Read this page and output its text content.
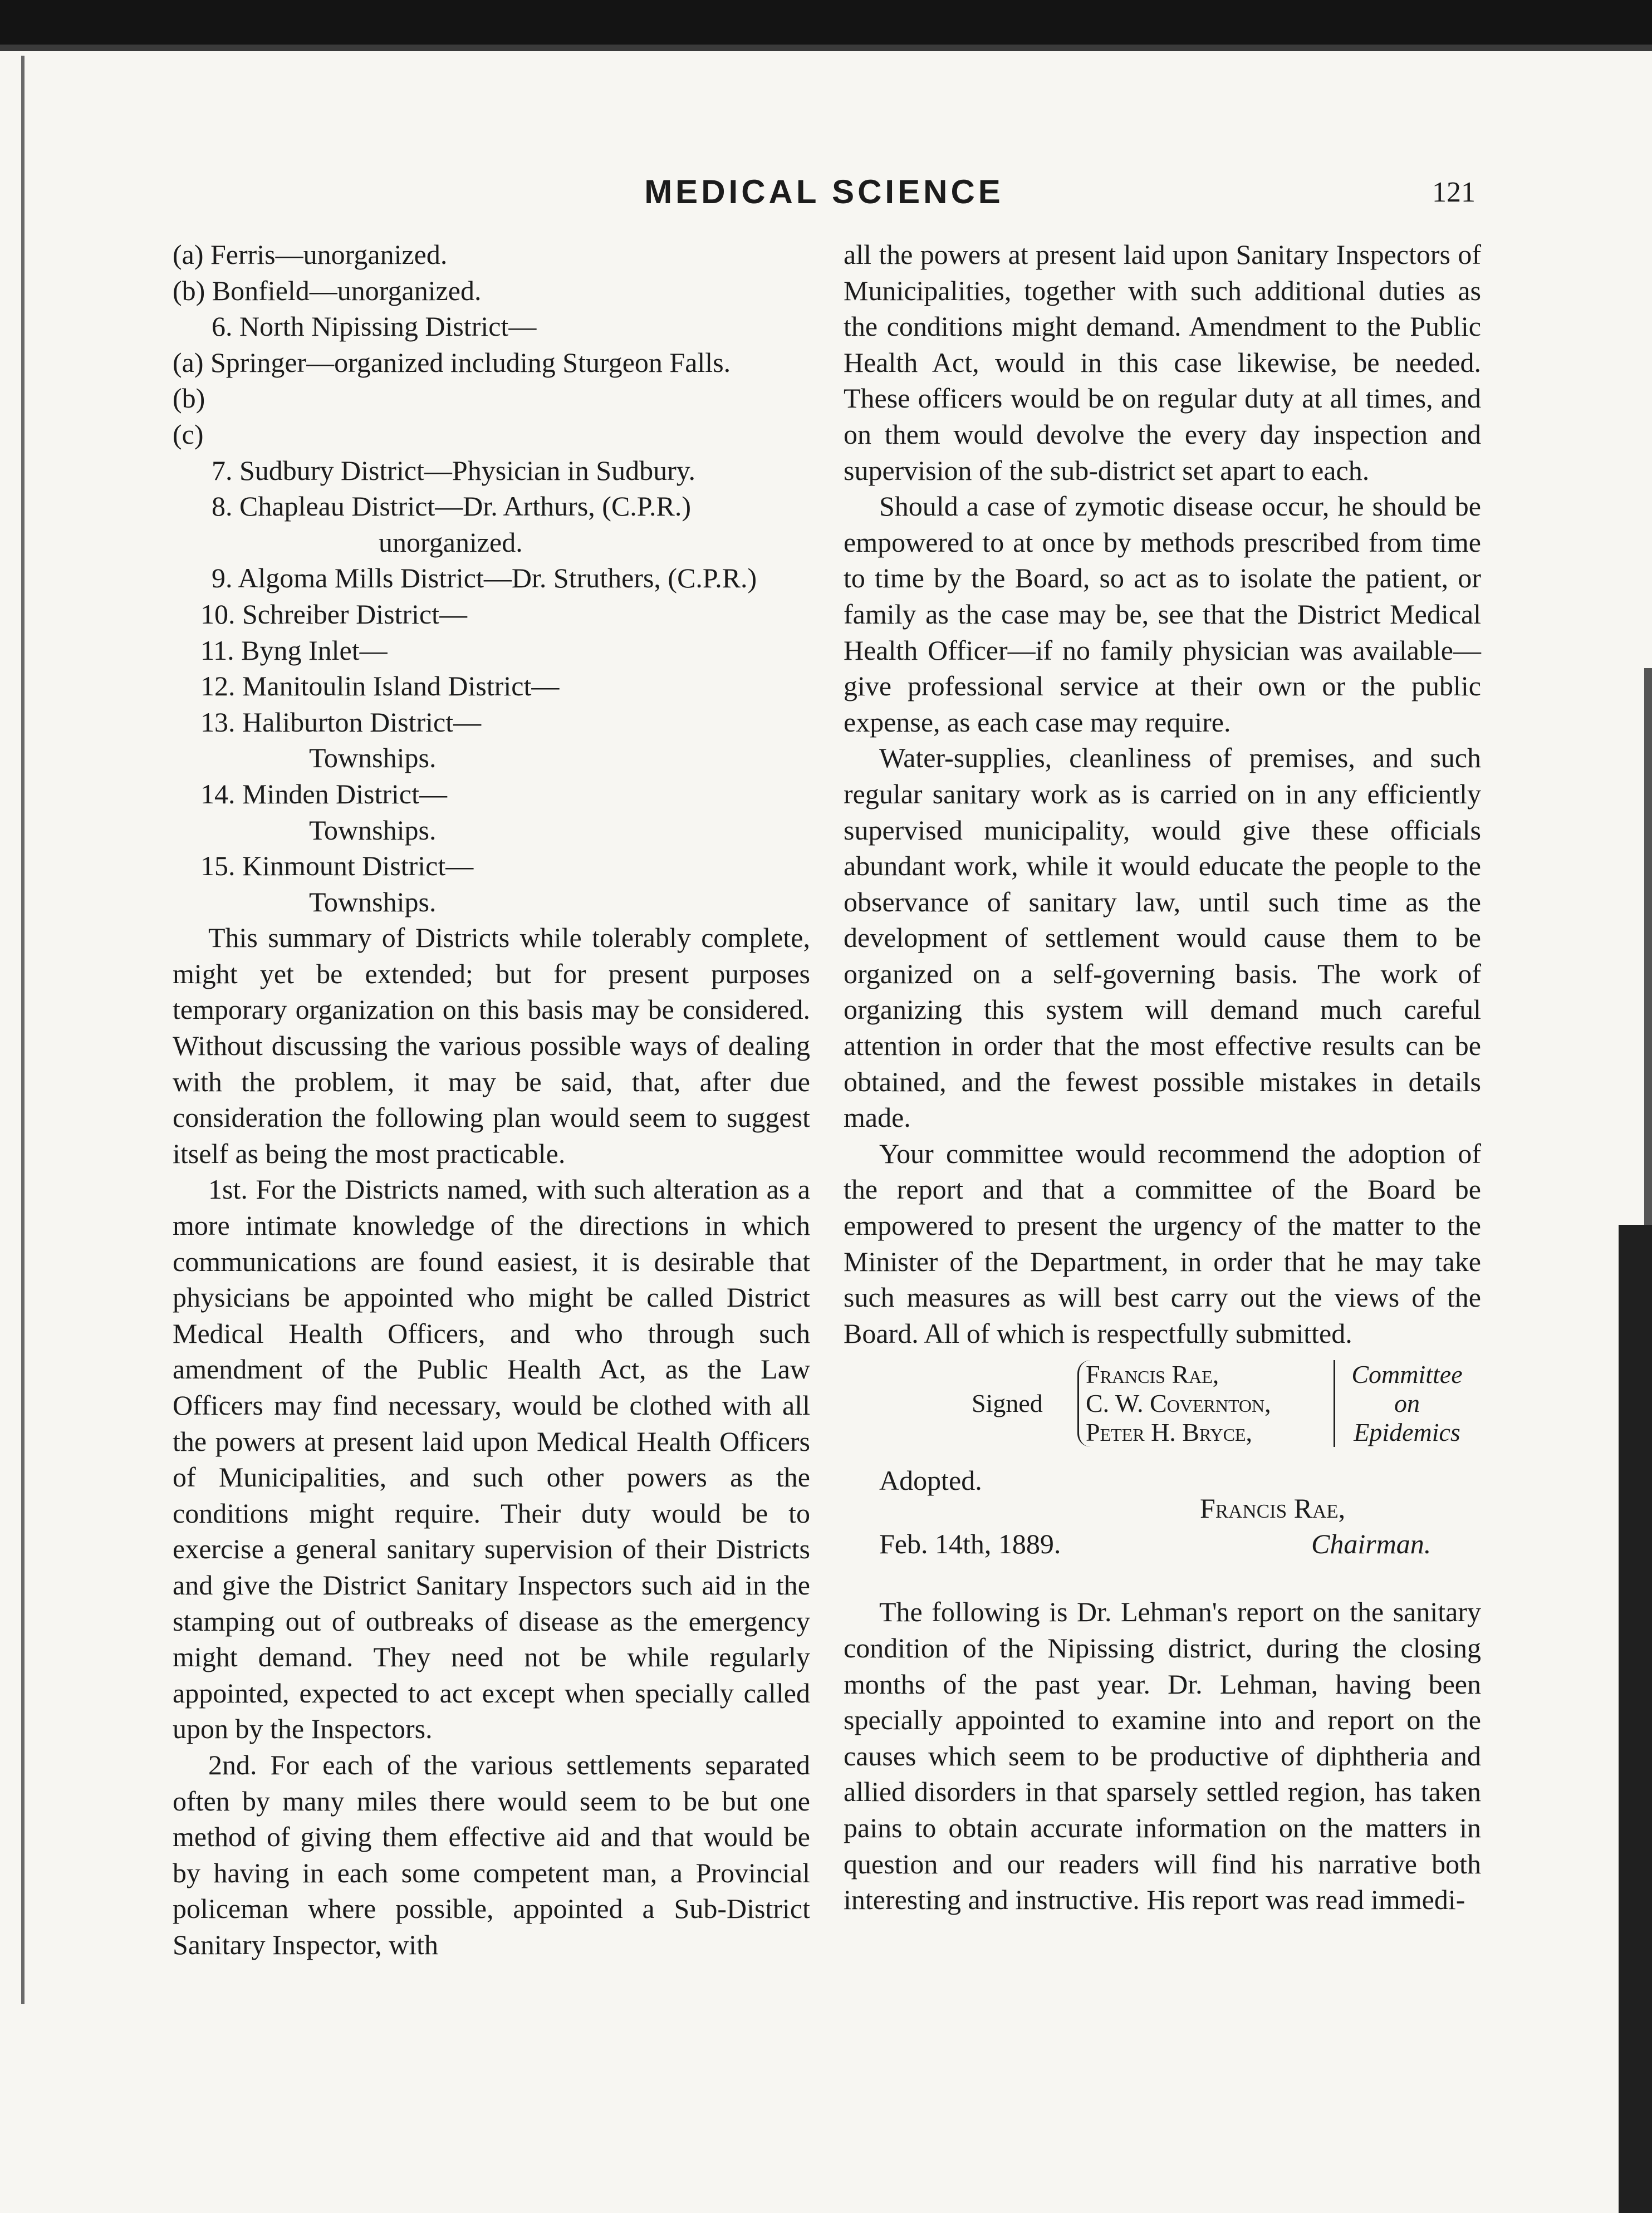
MEDICAL SCIENCE	121
(a) Ferris—unorganized.
(b) Bonfield—unorganized.
6. North Nipissing District—
(a) Springer—organized including Sturgeon Falls.
(b)
(c)
7. Sudbury District—Physician in Sudbury.
8. Chapleau District—Dr. Arthurs, (C.P.R.)
unorganized.
9. Algoma Mills District—Dr. Struthers, (C.P.R.)
10. Schreiber District—
11. Byng Inlet—
12. Manitoulin Island District—
13. Haliburton District—
Townships.
14. Minden District—
Townships.
15. Kinmount District—
Townships.

This summary of Districts while tolerably complete, might yet be extended; but for present purposes temporary organization on this basis may be considered. Without discussing the various possible ways of dealing with the problem, it may be said, that, after due consideration the following plan would seem to suggest itself as being the most practicable.

1st. For the Districts named, with such alteration as a more intimate knowledge of the directions in which communications are found easiest, it is desirable that physicians be appointed who might be called District Medical Health Officers, and who through such amendment of the Public Health Act, as the Law Officers may find necessary, would be clothed with all the powers at present laid upon Medical Health Officers of Municipalities, and such other powers as the conditions might require. Their duty would be to exercise a general sanitary supervision of their Districts and give the District Sanitary Inspectors such aid in the stamping out of outbreaks of disease as the emergency might demand. They need not be while regularly appointed, expected to act except when specially called upon by the Inspectors.

2nd. For each of the various settlements separated often by many miles there would seem to be but one method of giving them effective aid and that would be by having in each some competent man, a Provincial policeman where possible, appointed a Sub-District Sanitary Inspector, with

all the powers at present laid upon Sanitary Inspectors of Municipalities, together with such additional duties as the conditions might demand. Amendment to the Public Health Act, would in this case likewise, be needed. These officers would be on regular duty at all times, and on them would devolve the every day inspection and supervision of the sub-district set apart to each.

Should a case of zymotic disease occur, he should be empowered to at once by methods prescribed from time to time by the Board, so act as to isolate the patient, or family as the case may be, see that the District Medical Health Officer—if no family physician was available—give professional service at their own or the public expense, as each case may require.

Water-supplies, cleanliness of premises, and such regular sanitary work as is carried on in any efficiently supervised municipality, would give these officials abundant work, while it would educate the people to the observance of sanitary law, until such time as the development of settlement would cause them to be organized on a self-governing basis. The work of organizing this system will demand much careful attention in order that the most effective results can be obtained, and the fewest possible mistakes in details made.

Your committee would recommend the adoption of the report and that a committee of the Board be empowered to present the urgency of the matter to the Minister of the Department, in order that he may take such measures as will best carry out the views of the Board. All of which is respectfully submitted.

Signed
Francis Rae,
C. W. Covernton,
Peter H. Bryce,
Committee
on
Epidemics
Adopted.
Francis Rae,
Feb. 14th, 1889.	Chairman.

The following is Dr. Lehman's report on the sanitary condition of the Nipissing district, during the closing months of the past year. Dr. Lehman, having been specially appointed to examine into and report on the causes which seem to be productive of diphtheria and allied disorders in that sparsely settled region, has taken pains to obtain accurate information on the matters in question and our readers will find his narrative both interesting and instructive. His report was read immedi-
